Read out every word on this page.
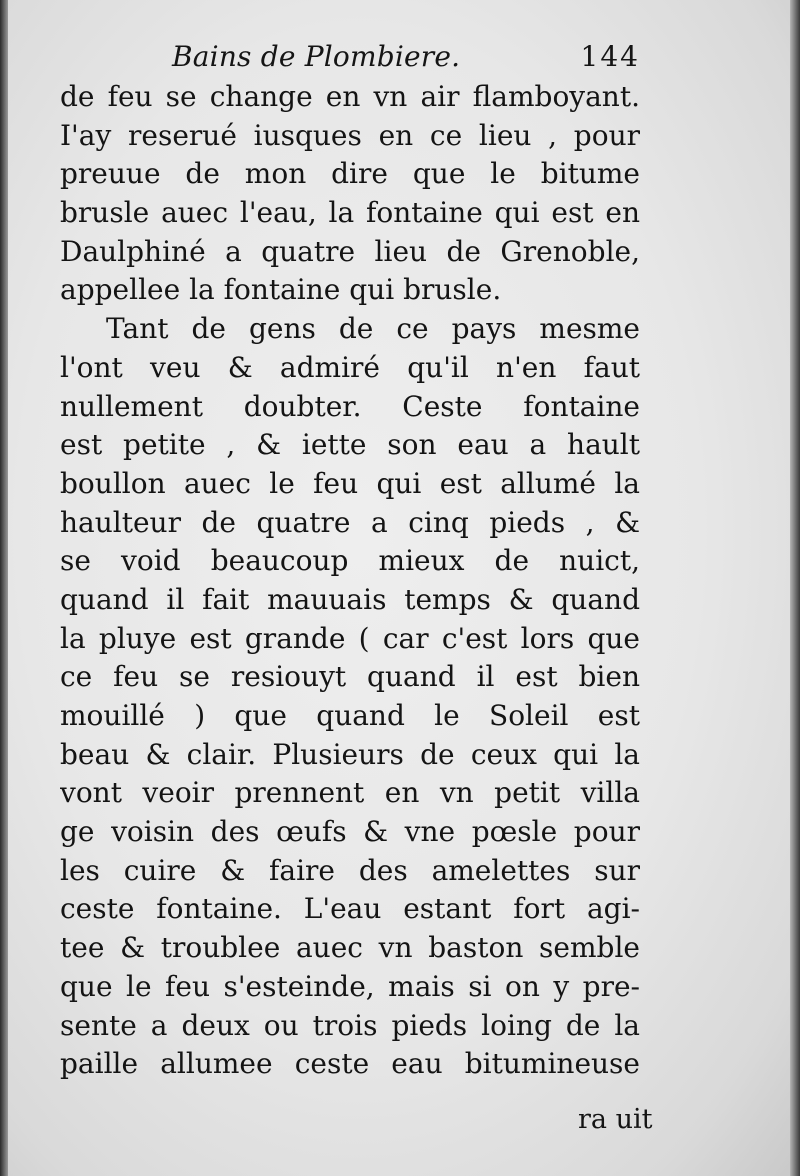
Bains de Plombiere.	144
de feu se change en vn air flamboyant.
I'ay reserué iusques en ce lieu , pour
preuue de mon dire que le bitume
brusle auec l'eau, la fontaine qui est en
Daulphiné a quatre lieu de Grenoble,
appellee la fontaine qui brusle.
Tant de gens de ce pays mesme
l'ont veu & admiré qu'il n'en faut
nullement doubter. Ceste fontaine
est petite , & iette son eau a hault
boullon auec le feu qui est allumé la
haulteur de quatre a cinq pieds , &
se void beaucoup mieux de nuict,
quand il fait mauuais temps & quand
la pluye est grande ( car c'est lors que
ce feu se resiouyt quand il est bien
mouillé ) que quand le Soleil est
beau & clair. Plusieurs de ceux qui la
vont veoir prennent en vn petit villa
ge voisin des œufs & vne pœsle pour
les cuire & faire des amelettes sur
ceste fontaine. L'eau estant fort agi-
tee & troublee auec vn baston semble
que le feu s'esteinde, mais si on y pre-
sente a deux ou trois pieds loing de la
paille allumee ceste eau bitumineuse
ra uit
